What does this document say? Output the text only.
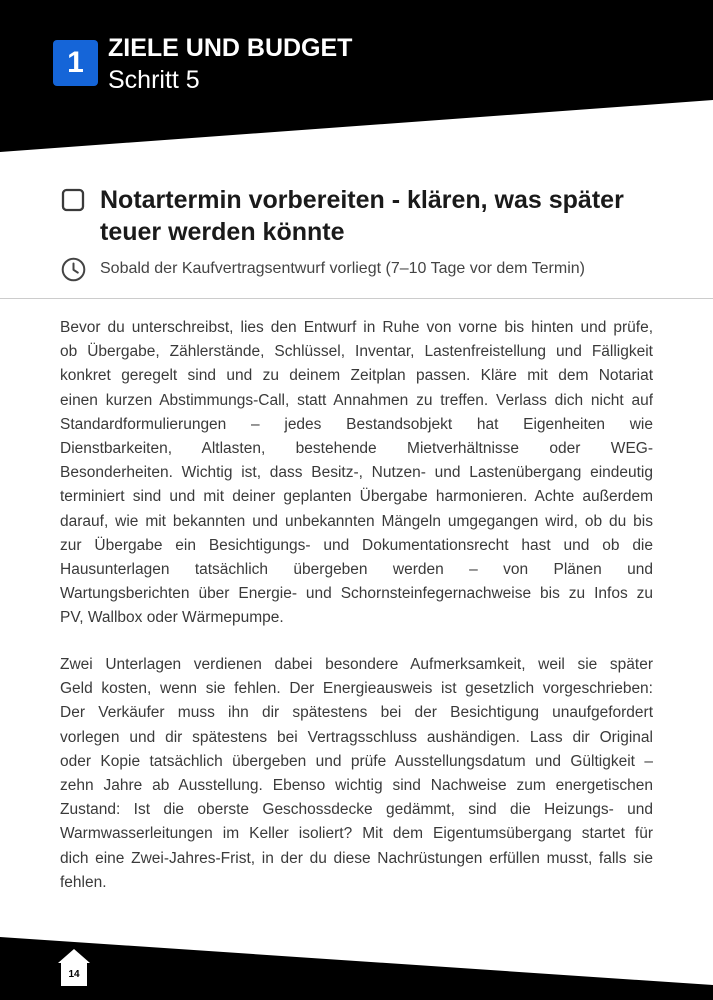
1 ZIELE UND BUDGET
Schritt 5
Notartermin vorbereiten - klären, was später teuer werden könnte
Sobald der Kaufvertragsentwurf vorliegt (7–10 Tage vor dem Termin)
Bevor du unterschreibst, lies den Entwurf in Ruhe von vorne bis hinten und prüfe,
ob Übergabe, Zählerstände, Schlüssel, Inventar, Lastenfreistellung und Fälligkeit
konkret geregelt sind und zu deinem Zeitplan passen. Kläre mit dem Notariat
einen kurzen Abstimmungs-Call, statt Annahmen zu treffen. Verlass dich nicht auf
Standardformulierungen – jedes Bestandsobjekt hat Eigenheiten wie
Dienstbarkeiten, Altlasten, bestehende Mietverhältnisse oder WEG-
Besonderheiten. Wichtig ist, dass Besitz-, Nutzen- und Lastenübergang eindeutig
terminiert sind und mit deiner geplanten Übergabe harmonieren. Achte außerdem
darauf, wie mit bekannten und unbekannten Mängeln umgegangen wird, ob du bis
zur Übergabe ein Besichtigungs- und Dokumentationsrecht hast und ob die
Hausunterlagen tatsächlich übergeben werden – von Plänen und
Wartungsberichten über Energie- und Schornsteinfegernachweise bis zu Infos zu
PV, Wallbox oder Wärmepumpe.
Zwei Unterlagen verdienen dabei besondere Aufmerksamkeit, weil sie später
Geld kosten, wenn sie fehlen. Der Energieausweis ist gesetzlich vorgeschrieben:
Der Verkäufer muss ihn dir spätestens bei der Besichtigung unaufgefordert
vorlegen und dir spätestens bei Vertragsschluss aushändigen. Lass dir Original
oder Kopie tatsächlich übergeben und prüfe Ausstellungsdatum und Gültigkeit –
zehn Jahre ab Ausstellung. Ebenso wichtig sind Nachweise zum energetischen
Zustand: Ist die oberste Geschossdecke gedämmt, sind die Heizungs- und
Warmwasserleitungen im Keller isoliert? Mit dem Eigentumsübergang startet für
dich eine Zwei-Jahres-Frist, in der du diese Nachrüstungen erfüllen musst, falls sie
fehlen.
14
